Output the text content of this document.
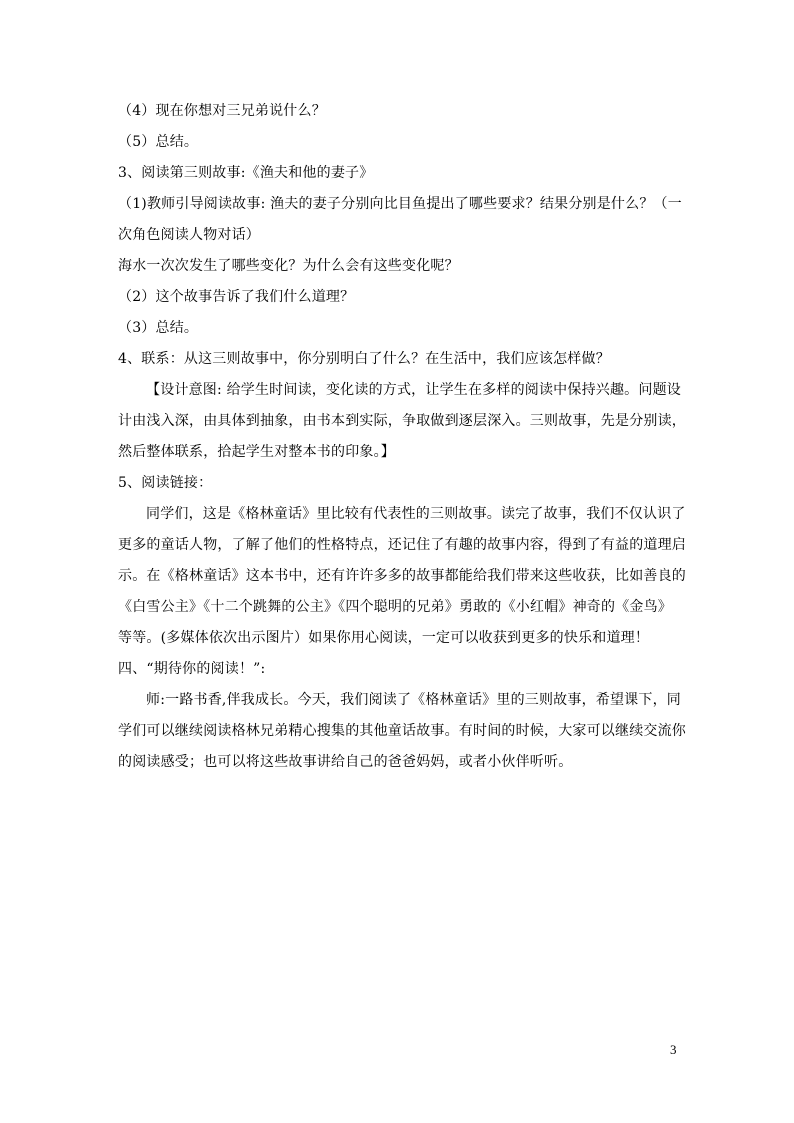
（4）现在你想对三兄弟说什么？
（5）总结。
3、阅读第三则故事:《渔夫和他的妻子》
（1)教师引导阅读故事: 渔夫的妻子分别向比目鱼提出了哪些要求？结果分别是什么？（一
次角色阅读人物对话）
海水一次次发生了哪些变化？为什么会有这些变化呢？
（2）这个故事告诉了我们什么道理？
（3）总结。
4、联系：从这三则故事中，你分别明白了什么？在生活中，我们应该怎样做？
【设计意图: 给学生时间读，变化读的方式，让学生在多样的阅读中保持兴趣。问题设
计由浅入深，由具体到抽象，由书本到实际，争取做到逐层深入。三则故事，先是分别读，
然后整体联系，拾起学生对整本书的印象。】
5、阅读链接：
同学们，这是《格林童话》里比较有代表性的三则故事。读完了故事，我们不仅认识了
更多的童话人物，了解了他们的性格特点，还记住了有趣的故事内容，得到了有益的道理启
示。在《格林童话》这本书中，还有许许多多的故事都能给我们带来这些收获，比如善良的
《白雪公主》《十二个跳舞的公主》《四个聪明的兄弟》勇敢的《小红帽》神奇的《金鸟》
等等。(多媒体依次出示图片）如果你用心阅读，一定可以收获到更多的快乐和道理！
四、“期待你的阅读！”:
师:一路书香,伴我成长。今天，我们阅读了《格林童话》里的三则故事，希望课下，同
学们可以继续阅读格林兄弟精心搜集的其他童话故事。有时间的时候，大家可以继续交流你
的阅读感受；也可以将这些故事讲给自己的爸爸妈妈，或者小伙伴听听。
3
